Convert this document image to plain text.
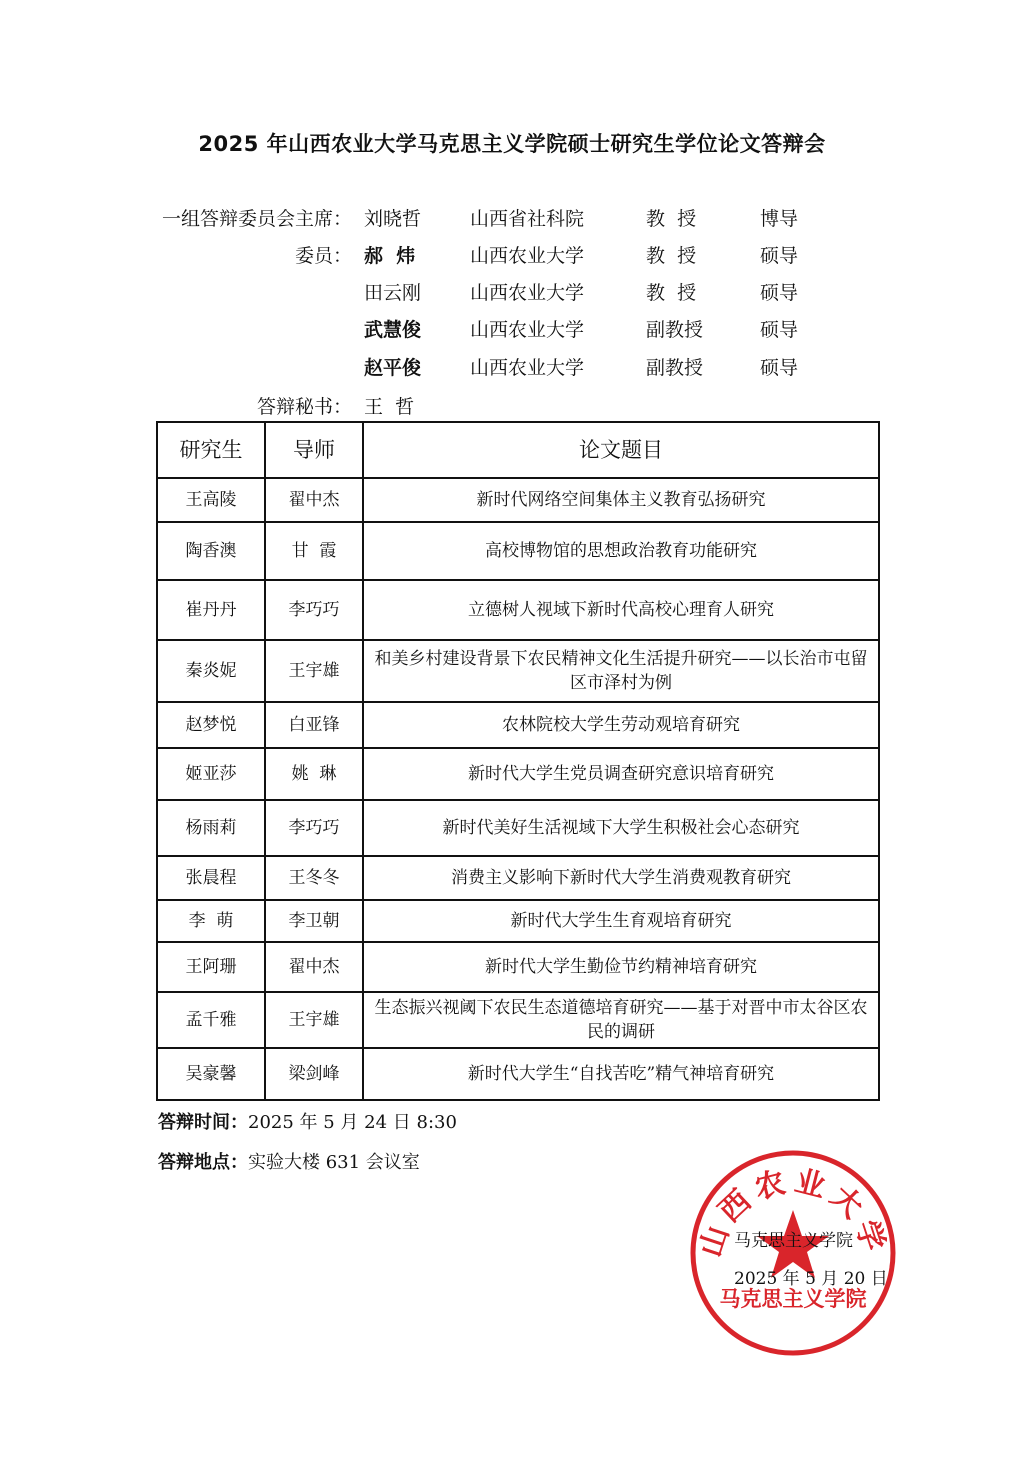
2025 年山西农业大学马克思主义学院硕士研究生学位论文答辩会
一组答辩委员会主席： 刘晓哲	山西省社科院	教  授	博导
委员： 郝  炜	山西农业大学	教  授	硕导
田云刚	山西农业大学	教  授	硕导
武慧俊	山西农业大学	副教授	硕导
赵平俊	山西农业大学	副教授	硕导
答辩秘书： 王  哲
研究生	导师	论文题目
王高陵	翟中杰	新时代网络空间集体主义教育弘扬研究
陶香澳	甘  霞	高校博物馆的思想政治教育功能研究
崔丹丹	李巧巧	立德树人视域下新时代高校心理育人研究
秦炎妮	王宇雄	和美乡村建设背景下农民精神文化生活提升研究——以长治市屯留区市泽村为例
赵梦悦	白亚锋	农林院校大学生劳动观培育研究
姬亚莎	姚  琳	新时代大学生党员调查研究意识培育研究
杨雨莉	李巧巧	新时代美好生活视域下大学生积极社会心态研究
张晨程	王冬冬	消费主义影响下新时代大学生消费观教育研究
李  萌	李卫朝	新时代大学生生育观培育研究
王阿珊	翟中杰	新时代大学生勤俭节约精神培育研究
孟千雅	王宇雄	生态振兴视阈下农民生态道德培育研究——基于对晋中市太谷区农民的调研
吴豪馨	梁剑峰	新时代大学生“自找苦吃”精气神培育研究
答辩时间：2025 年 5 月 24 日 8:30
答辩地点：实验大楼 631 会议室
山西农业大学
马克思主义学院
马克思主义学院
2025 年 5 月 20 日
